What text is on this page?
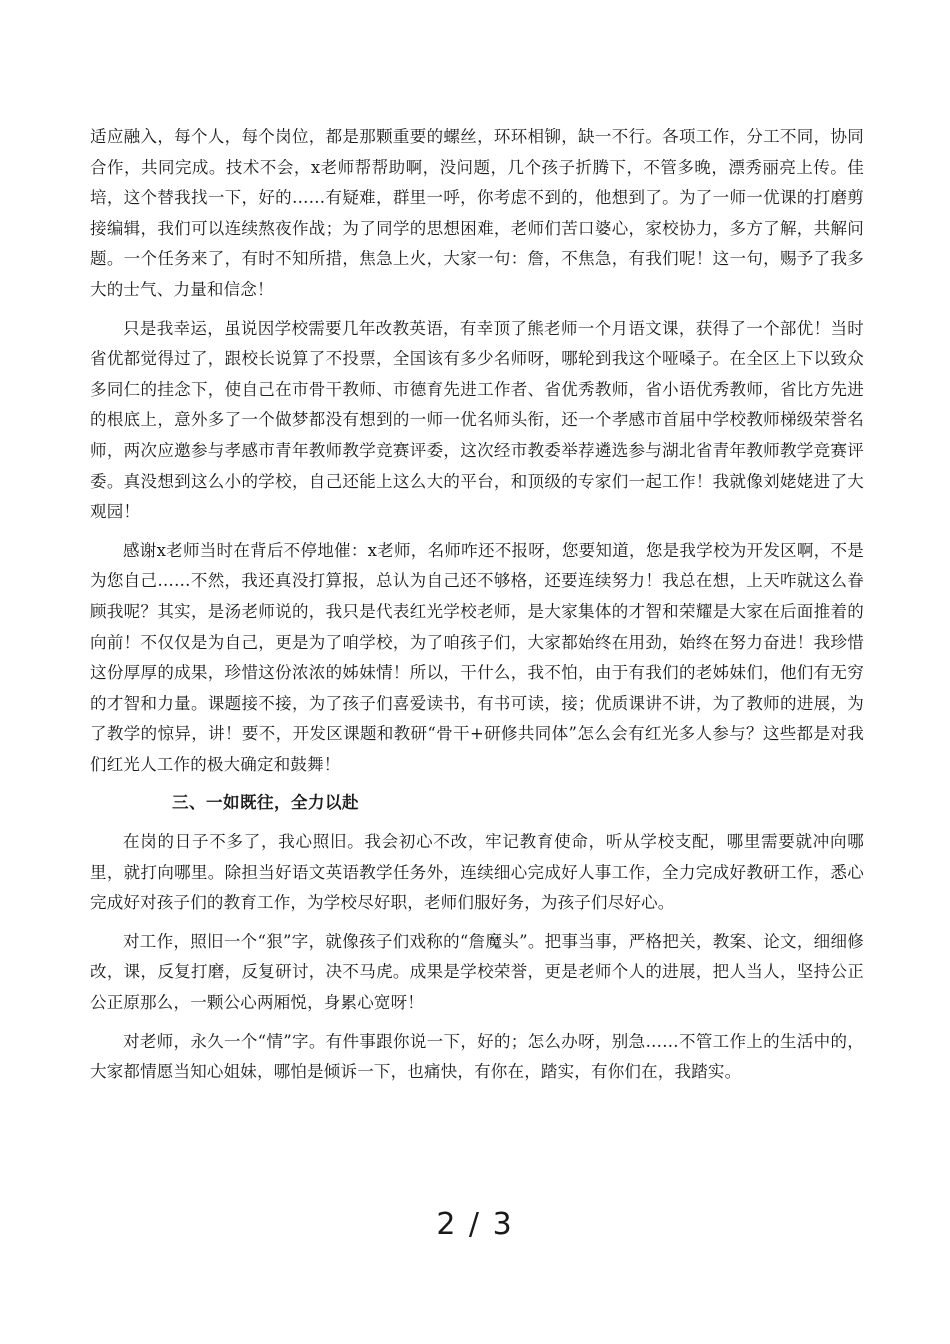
适应融入，每个人，每个岗位，都是那颗重要的螺丝，环环相铆，缺一不行。各项工作，分工不同，协同合作，共同完成。技术不会，x老师帮帮助啊，没问题，几个孩子折腾下，不管多晚，漂秀丽亮上传。佳培，这个替我找一下，好的……有疑难，群里一呼，你考虑不到的，他想到了。为了一师一优课的打磨剪接编辑，我们可以连续熬夜作战；为了同学的思想困难，老师们苦口婆心，家校协力，多方了解，共解问题。一个任务来了，有时不知所措，焦急上火，大家一句：詹，不焦急，有我们呢！这一句，赐予了我多大的士气、力量和信念！

只是我幸运，虽说因学校需要几年改教英语，有幸顶了熊老师一个月语文课，获得了一个部优！当时省优都觉得过了，跟校长说算了不投票，全国该有多少名师呀，哪轮到我这个哑嗓子。在全区上下以致众多同仁的挂念下，使自己在市骨干教师、市德育先进工作者、省优秀教师，省小语优秀教师，省比方先进的根底上，意外多了一个做梦都没有想到的一师一优名师头衔，还一个孝感市首届中学校教师梯级荣誉名师，两次应邀参与孝感市青年教师教学竞赛评委，这次经市教委举荐遴选参与湖北省青年教师教学竞赛评委。真没想到这么小的学校，自己还能上这么大的平台，和顶级的专家们一起工作！我就像刘姥姥进了大观园！

感谢x老师当时在背后不停地催：x老师，名师咋还不报呀，您要知道，您是我学校为开发区啊，不是为您自己……不然，我还真没打算报，总认为自己还不够格，还要连续努力！我总在想，上天咋就这么眷顾我呢？其实，是汤老师说的，我只是代表红光学校老师，是大家集体的才智和荣耀是大家在后面推着的向前！不仅仅是为自己，更是为了咱学校，为了咱孩子们，大家都始终在用劲，始终在努力奋进！我珍惜这份厚厚的成果，珍惜这份浓浓的姊妹情！所以，干什么，我不怕，由于有我们的老姊妹们，他们有无穷的才智和力量。课题接不接，为了孩子们喜爱读书，有书可读，接；优质课讲不讲，为了教师的进展，为了教学的惊异，讲！要不，开发区课题和教研“骨干+研修共同体”怎么会有红光多人参与？这些都是对我们红光人工作的极大确定和鼓舞！

三、一如既往，全力以赴

在岗的日子不多了，我心照旧。我会初心不改，牢记教育使命，听从学校支配，哪里需要就冲向哪里，就打向哪里。除担当好语文英语教学任务外，连续细心完成好人事工作，全力完成好教研工作，悉心完成好对孩子们的教育工作，为学校尽好职，老师们服好务，为孩子们尽好心。

对工作，照旧一个“狠”字，就像孩子们戏称的“詹魔头”。把事当事，严格把关，教案、论文，细细修改，课，反复打磨，反复研讨，决不马虎。成果是学校荣誉，更是老师个人的进展，把人当人，坚持公正公正原那么，一颗公心两厢悦，身累心宽呀！

对老师，永久一个“情”字。有件事跟你说一下，好的；怎么办呀，别急……不管工作上的生活中的，大家都情愿当知心姐妹，哪怕是倾诉一下，也痛快，有你在，踏实，有你们在，我踏实。

2 / 3
